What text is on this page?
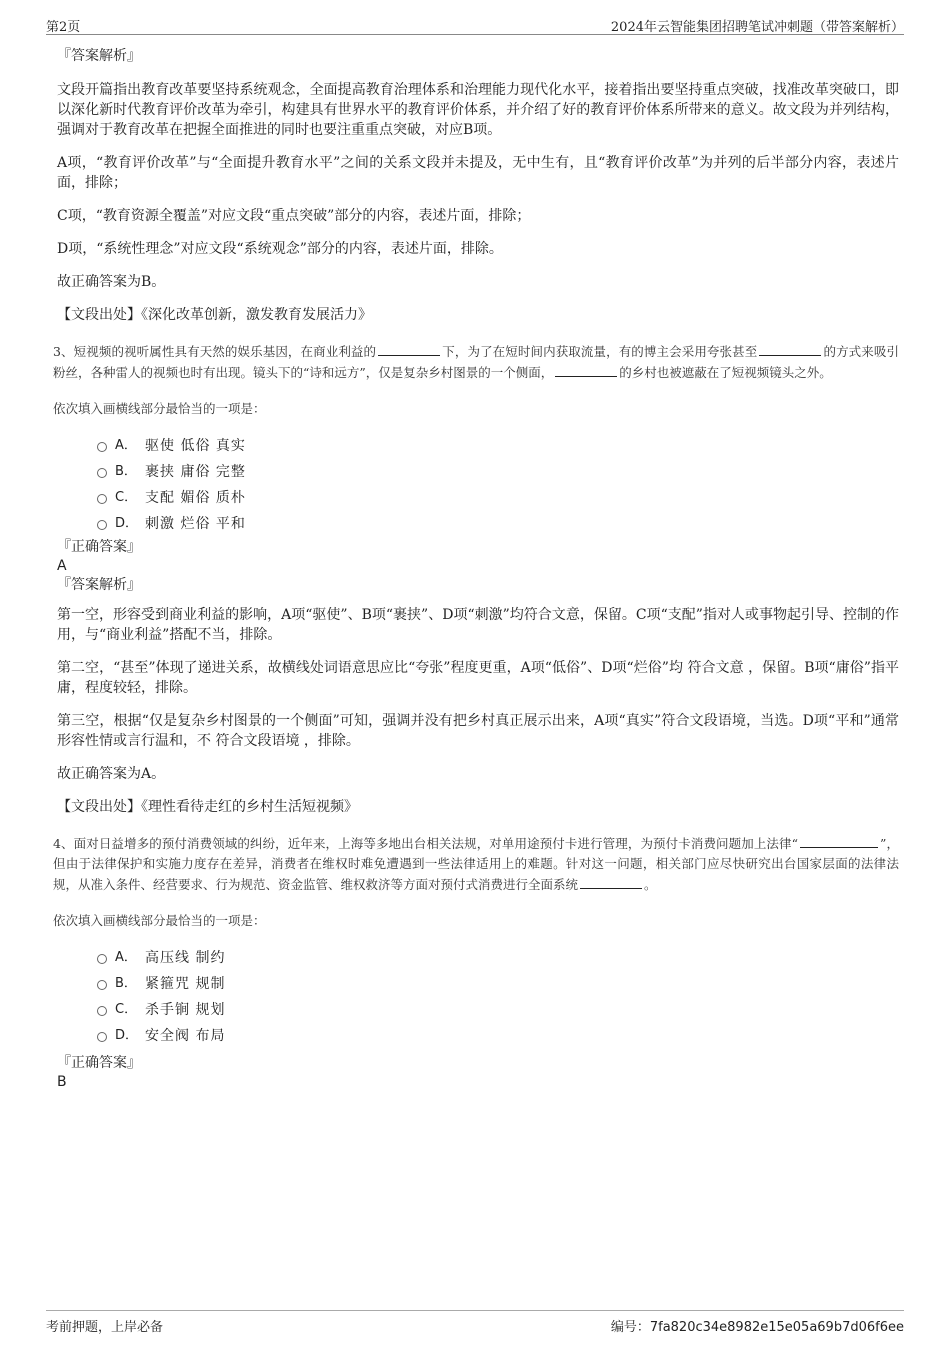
第2页	2024年云智能集团招聘笔试冲刺题（带答案解析）

『答案解析』

文段开篇指出教育改革要坚持系统观念，全面提高教育治理体系和治理能力现代化水平，接着指出要坚持重点突破，找准改革突破口，即以深化新时代教育评价改革为牵引，构建具有世界水平的教育评价体系，并介绍了好的教育评价体系所带来的意义。故文段为并列结构，强调对于教育改革在把握全面推进的同时也要注重重点突破，对应B项。

A项，“教育评价改革”与“全面提升教育水平”之间的关系文段并未提及，无中生有，且“教育评价改革”为并列的后半部分内容，表述片面，排除；

C项，“教育资源全覆盖”对应文段“重点突破”部分的内容，表述片面，排除；

D项，“系统性理念”对应文段“系统观念”部分的内容，表述片面，排除。

故正确答案为B。

【文段出处】《深化改革创新，激发教育发展活力》

3、短视频的视听属性具有天然的娱乐基因，在商业利益的	下，为了在短时间内获取流量，有的博主会采用夸张甚至	的方式来吸引粉丝，各种雷人的视频也时有出现。镜头下的“诗和远方”，仅是复杂乡村图景的一个侧面，	的乡村也被遮蔽在了短视频镜头之外。

依次填入画横线部分最恰当的一项是：

A． 驱使 低俗 真实
B． 裹挟 庸俗 完整
C． 支配 媚俗 质朴
D． 刺激 烂俗 平和

『正确答案』

A

『答案解析』

第一空，形容受到商业利益的影响，A项“驱使”、B项“裹挟”、D项“刺激”均符合文意，保留。C项“支配”指对人或事物起引导、控制的作用，与“商业利益”搭配不当，排除。

第二空，“甚至”体现了递进关系，故横线处词语意思应比“夸张”程度更重，A项“低俗”、D项“烂俗”均 符合文意 ，保留。B项“庸俗”指平庸，程度较轻，排除。

第三空，根据“仅是复杂乡村图景的一个侧面”可知，强调并没有把乡村真正展示出来，A项“真实”符合文段语境，当选。D项“平和”通常形容性情或言行温和，不 符合文段语境 ，排除。

故正确答案为A。

【文段出处】《理性看待走红的乡村生活短视频》

4、面对日益增多的预付消费领域的纠纷，近年来，上海等多地出台相关法规，对单用途预付卡进行管理，为预付卡消费问题加上法律“	”，但由于法律保护和实施力度存在差异，消费者在维权时难免遭遇到一些法律适用上的难题。针对这一问题，相关部门应尽快研究出台国家层面的法律法规，从准入条件、经营要求、行为规范、资金监管、维权救济等方面对预付式消费进行全面系统	。

依次填入画横线部分最恰当的一项是：

A． 高压线 制约
B． 紧箍咒 规制
C． 杀手锏 规划
D． 安全阀 布局

『正确答案』

B

考前押题，上岸必备	编号：7fa820c34e8982e15e05a69b7d06f6ee
